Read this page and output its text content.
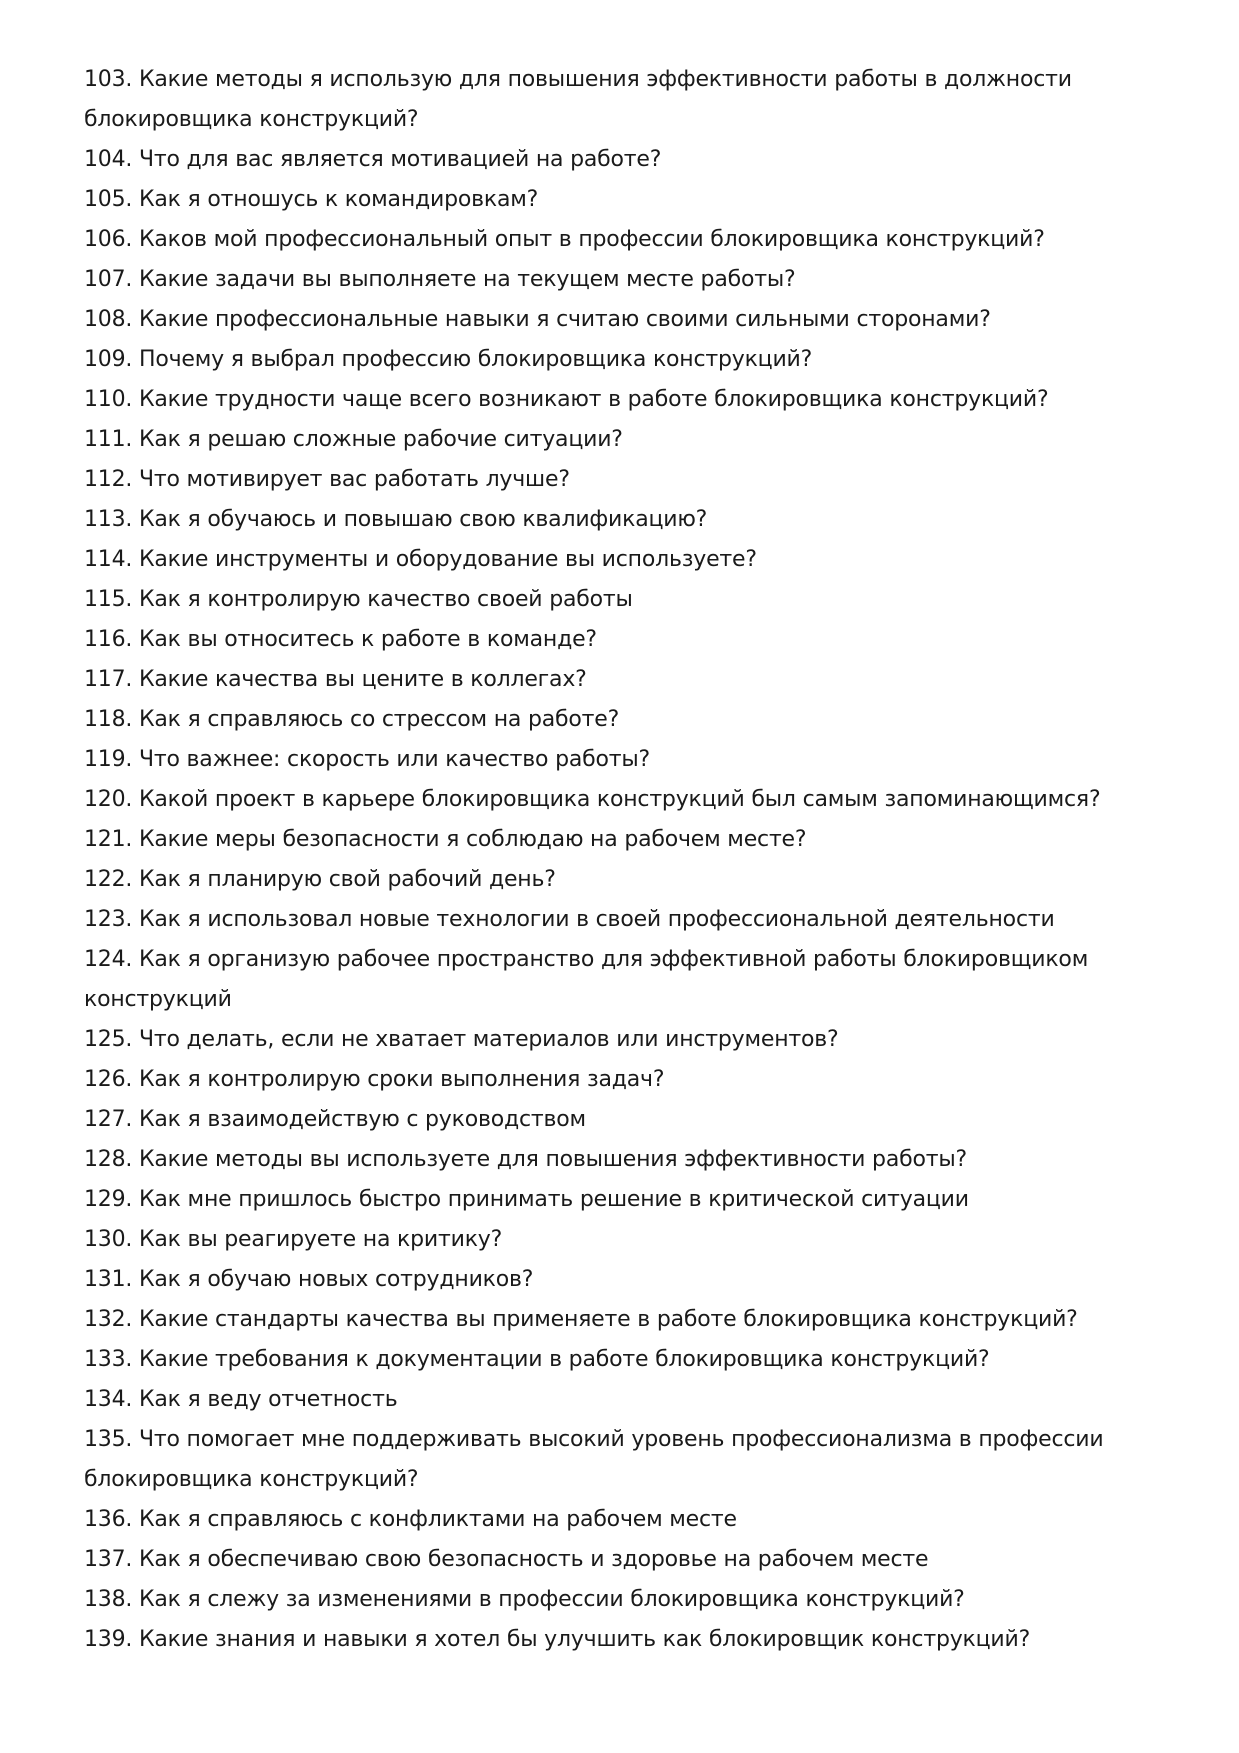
103. Какие методы я использую для повышения эффективности работы в должности
блокировщика конструкций?
104. Что для вас является мотивацией на работе?
105. Как я отношусь к командировкам?
106. Каков мой профессиональный опыт в профессии блокировщика конструкций?
107. Какие задачи вы выполняете на текущем месте работы?
108. Какие профессиональные навыки я считаю своими сильными сторонами?
109. Почему я выбрал профессию блокировщика конструкций?
110. Какие трудности чаще всего возникают в работе блокировщика конструкций?
111. Как я решаю сложные рабочие ситуации?
112. Что мотивирует вас работать лучше?
113. Как я обучаюсь и повышаю свою квалификацию?
114. Какие инструменты и оборудование вы используете?
115. Как я контролирую качество своей работы
116. Как вы относитесь к работе в команде?
117. Какие качества вы цените в коллегах?
118. Как я справляюсь со стрессом на работе?
119. Что важнее: скорость или качество работы?
120. Какой проект в карьере блокировщика конструкций был самым запоминающимся?
121. Какие меры безопасности я соблюдаю на рабочем месте?
122. Как я планирую свой рабочий день?
123. Как я использовал новые технологии в своей профессиональной деятельности
124. Как я организую рабочее пространство для эффективной работы блокировщиком
конструкций
125. Что делать, если не хватает материалов или инструментов?
126. Как я контролирую сроки выполнения задач?
127. Как я взаимодействую с руководством
128. Какие методы вы используете для повышения эффективности работы?
129. Как мне пришлось быстро принимать решение в критической ситуации
130. Как вы реагируете на критику?
131. Как я обучаю новых сотрудников?
132. Какие стандарты качества вы применяете в работе блокировщика конструкций?
133. Какие требования к документации в работе блокировщика конструкций?
134. Как я веду отчетность
135. Что помогает мне поддерживать высокий уровень профессионализма в профессии
блокировщика конструкций?
136. Как я справляюсь с конфликтами на рабочем месте
137. Как я обеспечиваю свою безопасность и здоровье на рабочем месте
138. Как я слежу за изменениями в профессии блокировщика конструкций?
139. Какие знания и навыки я хотел бы улучшить как блокировщик конструкций?
